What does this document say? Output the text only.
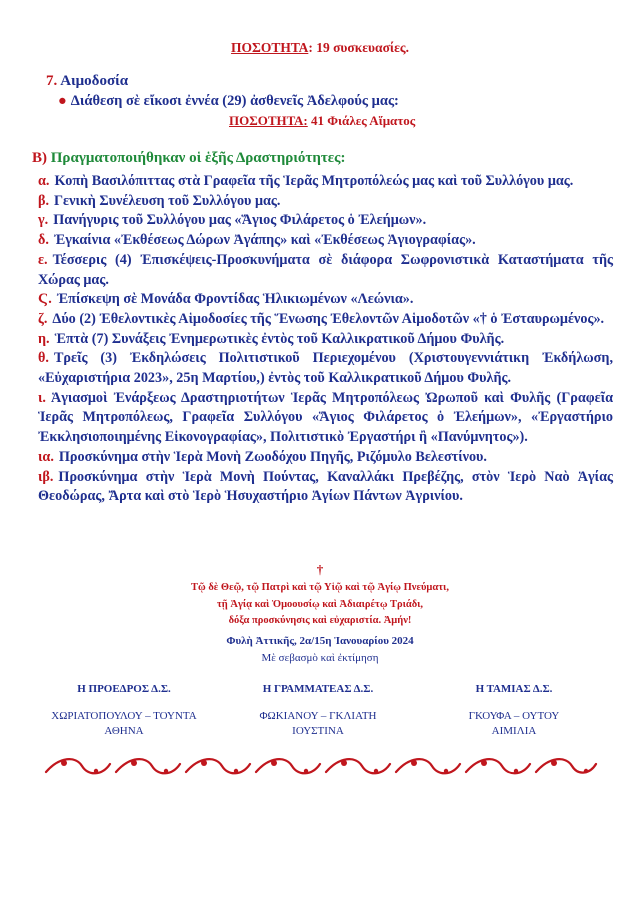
ΠΟΣΟΤΗΤΑ: 19 συσκευασίες.
7. Αιμοδοσία
● Διάθεση σὲ εἴκοσι ἐννέα (29) ἀσθενεῖς Ἀδελφούς μας:
ΠΟΣΟΤΗΤΑ: 41 Φιάλες Αἵματος
Β) Πραγματοποιήθηκαν οἱ ἑξῆς Δραστηριότητες:
α. Κοπὴ Βασιλόπιττας στὰ Γραφεῖα τῆς Ἱερᾶς Μητροπόλεώς μας καὶ τοῦ Συλλόγου μας.
β. Γενικὴ Συνέλευση τοῦ Συλλόγου μας.
γ. Πανήγυρις τοῦ Συλλόγου μας «Ἅγιος Φιλάρετος ὁ Ἐλεήμων».
δ. Ἐγκαίνια «Ἐκθέσεως Δώρων Ἀγάπης» καὶ «Ἐκθέσεως Ἁγιογραφίας».
ε. Τέσσερις (4) Ἐπισκέψεις-Προσκυνήματα σὲ διάφορα Σωφρονιστικὰ Καταστήματα τῆς Χώρας μας.
Ϛ. Ἐπίσκεψη σὲ Μονάδα Φροντίδας Ἡλικιωμένων «Λεώνια».
ζ. Δύο (2) Ἐθελοντικὲς Αἱμοδοσίες τῆς Ἕνωσης Ἐθελοντῶν Αἱμοδοτῶν «† ὁ Ἐσταυρωμένος».
η. Ἑπτὰ (7) Συνάξεις Ἐνημερωτικὲς ἐντὸς τοῦ Καλλικρατικοῦ Δήμου Φυλῆς.
θ. Τρεῖς (3) Ἐκδηλώσεις Πολιτιστικοῦ Περιεχομένου (Χριστουγεννιάτικη Ἐκδήλωση, «Εὐχαριστήρια 2023», 25η Μαρτίου,) ἐντὸς τοῦ Καλλικρατικοῦ Δήμου Φυλῆς.
ι. Ἁγιασμοὶ Ἐνάρξεως Δραστηριοτήτων Ἱερᾶς Μητροπόλεως Ὠρωποῦ καὶ Φυλῆς (Γραφεῖα Ἱερᾶς Μητροπόλεως, Γραφεῖα Συλλόγου «Ἅγιος Φιλάρετος ὁ Ἐλεήμων», «Ἐργαστήριο Ἐκκλησιοποιημένης Εἰκονογραφίας», Πολιτιστικὸ Ἐργαστήρι ἢ «Πανύμνητος»).
ια. Προσκύνημα στὴν Ἱερὰ Μονὴ Ζωοδόχου Πηγῆς, Ριζόμυλο Βελεστίνου.
ιβ. Προσκύνημα στὴν Ἱερὰ Μονὴ Πούντας, Καναλλάκι Πρεβέζης, στὸν Ἱερὸ Ναὸ Ἁγίας Θεοδώρας, Ἄρτα καὶ στὸ Ἱερὸ Ἡσυχαστήριο Ἁγίων Πάντων Ἀγρινίου.
†
Τῷ δὲ Θεῷ, τῷ Πατρὶ καὶ τῷ Υἱῷ καὶ τῷ Ἁγίῳ Πνεύματι,
τῇ Ἁγίᾳ καὶ Ὁμοουσίῳ καὶ Ἀδιαιρέτῳ Τριάδι,
δόξα προσκύνησις καὶ εὐχαριστία. Ἀμήν!
Φυλὴ Ἀττικῆς, 2α/15η Ἰανουαρίου 2024
Μὲ σεβασμὸ καὶ ἐκτίμηση
Η ΠΡΟΕΔΡΟΣ Δ.Σ.
ΧΩΡΙΑΤΟΠΟΥΛΟΥ – ΤΟΥΝΤΑ
ΑΘΗΝΑ
Η ΓΡΑΜΜΑΤΕΑΣ Δ.Σ.
ΦΩΚΙΑΝΟΥ – ΓΚΛΙΑΤΗ
ΙΟΥΣΤΙΝΑ
Η ΤΑΜΙΑΣ Δ.Σ.
ΓΚΟΥΦΑ – ΟΥΤΟΥ
ΑΙΜΙΛΙΑ
